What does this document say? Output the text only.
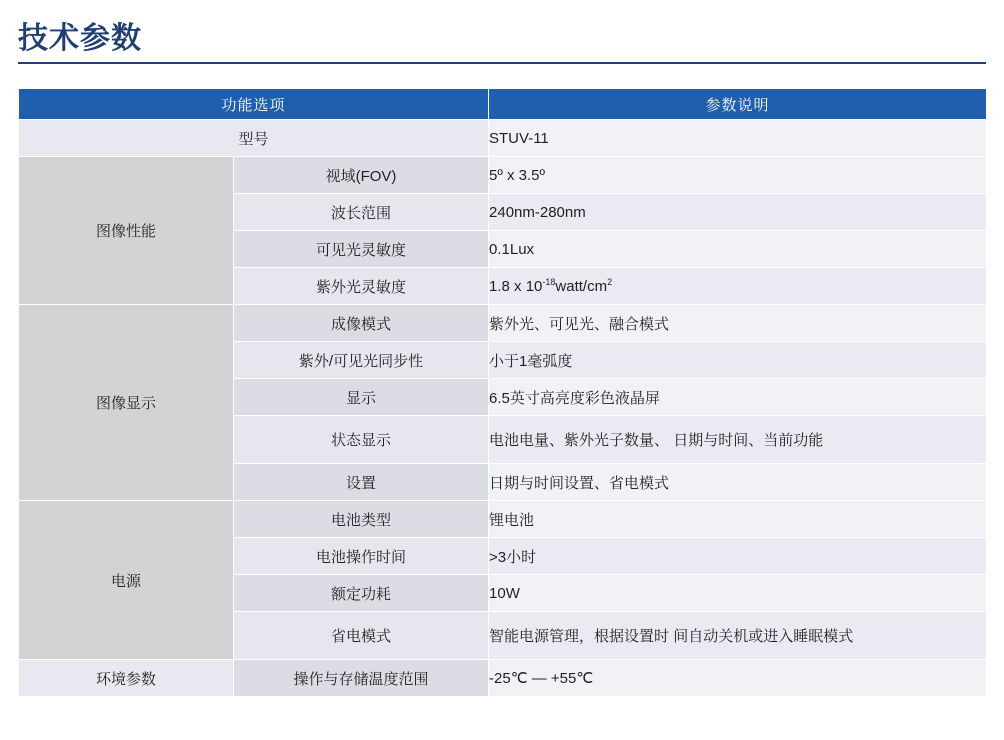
技术参数
功能选项		参数说明
型号		STUV-11
图像性能	视域(FOV)	5º x 3.5º
	波长范围	240nm-280nm
	可见光灵敏度	0.1Lux
	紫外光灵敏度	1.8 x $10^{-18}watt/cm^2$
图像显示	成像模式	紫外光、可见光、融合模式
	紫外/可见光同步性	小于1毫弧度
	显示	6.5英寸高亮度彩色液晶屏
	状态显示	电池电量、紫外光子数量、 日期与时间、当前功能
	设置	日期与时间设置、省电模式
电源	电池类型	锂电池
	电池操作时间	>3小时
	额定功耗	10W
	省电模式	智能电源管理，根据设置时 间自动关机或进入睡眠模式
环境参数	操作与存储温度范围	-25℃ — +55℃
